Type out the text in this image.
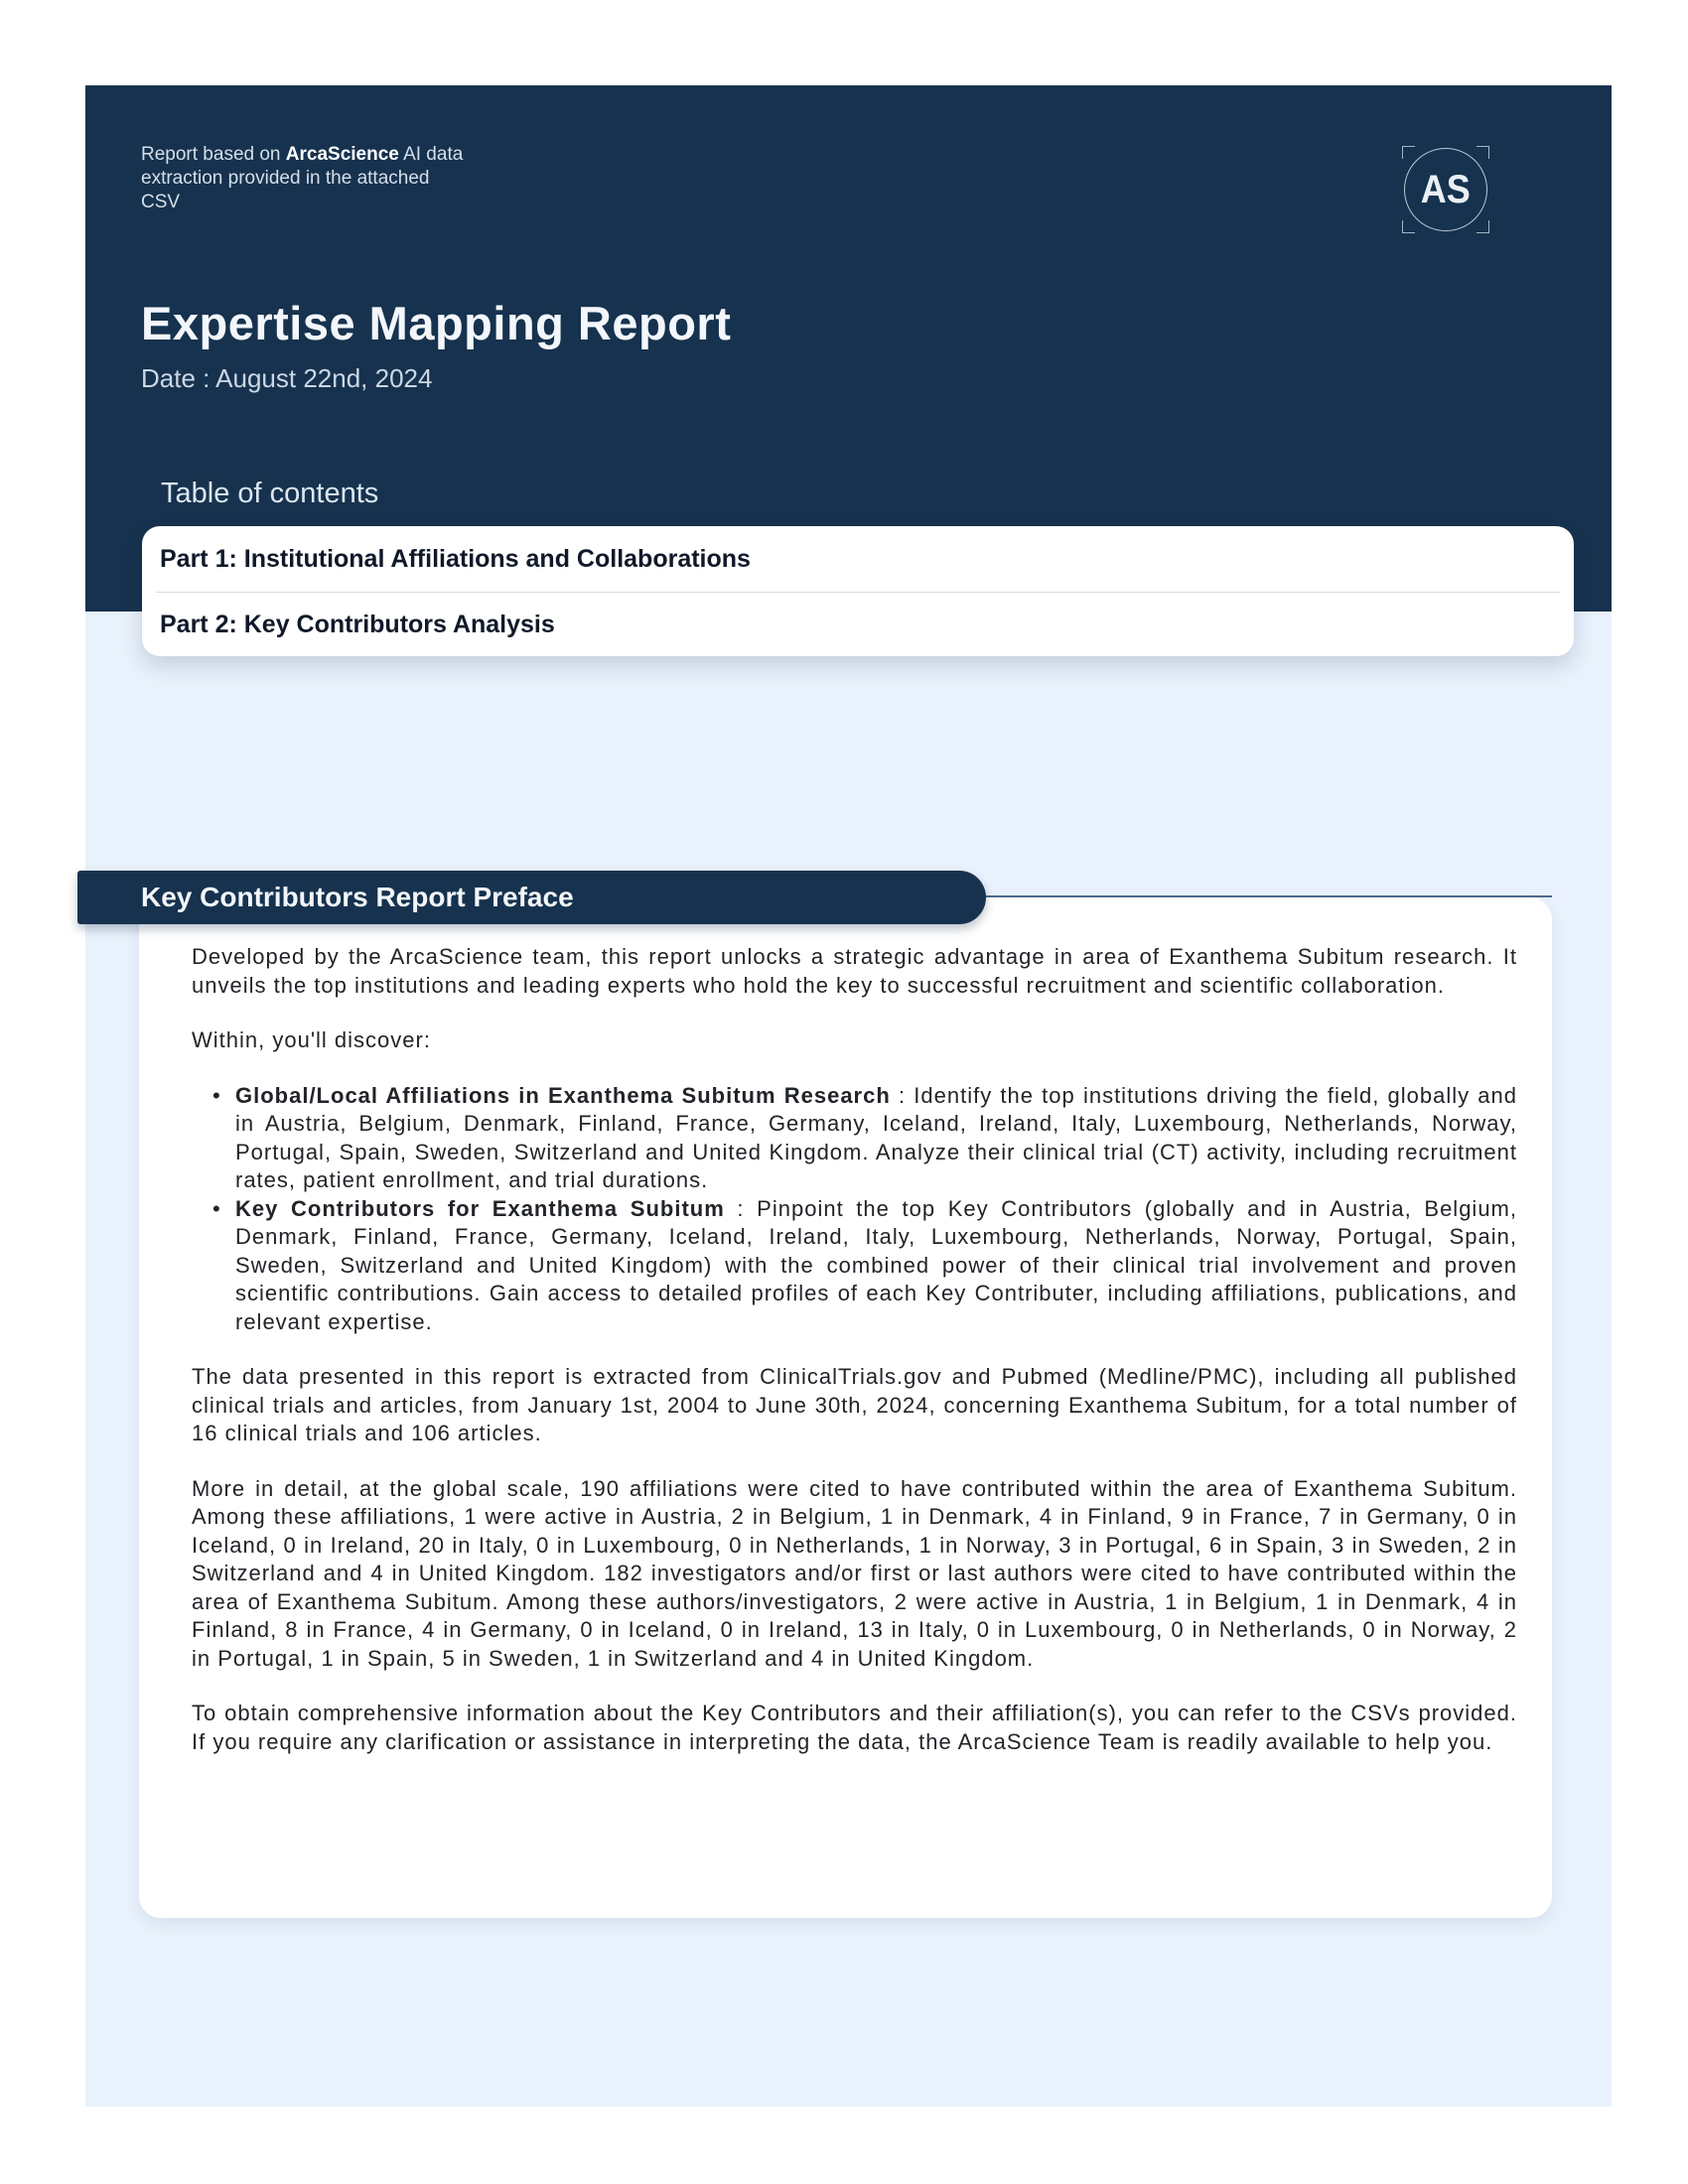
Report based on ArcaScience AI data
extraction provided in the attached
CSV	AS
Expertise Mapping Report
Date : August 22nd, 2024
Table of contents
Part 1: Institutional Affiliations and Collaborations
Part 2: Key Contributors Analysis
Key Contributors Report Preface

Developed by the ArcaScience team, this report unlocks a strategic advantage in area of Exanthema Subitum research. It unveils the top institutions and leading experts who hold the key to successful recruitment and scientific collaboration.

Within, you'll discover:

• Global/Local Affiliations in Exanthema Subitum Research : Identify the top institutions driving the field, globally and in Austria, Belgium, Denmark, Finland, France, Germany, Iceland, Ireland, Italy, Luxembourg, Netherlands, Norway, Portugal, Spain, Sweden, Switzerland and United Kingdom. Analyze their clinical trial (CT) activity, including recruitment rates, patient enrollment, and trial durations.
• Key Contributors for Exanthema Subitum : Pinpoint the top Key Contributors (globally and in Austria, Belgium, Denmark, Finland, France, Germany, Iceland, Ireland, Italy, Luxembourg, Netherlands, Norway, Portugal, Spain, Sweden, Switzerland and United Kingdom) with the combined power of their clinical trial involvement and proven scientific contributions. Gain access to detailed profiles of each Key Contributer, including affiliations, publications, and relevant expertise.

The data presented in this report is extracted from ClinicalTrials.gov and Pubmed (Medline/PMC), including all published clinical trials and articles, from January 1st, 2004 to June 30th, 2024, concerning Exanthema Subitum, for a total number of 16 clinical trials and 106 articles.

More in detail, at the global scale, 190 affiliations were cited to have contributed within the area of Exanthema Subitum. Among these affiliations, 1 were active in Austria, 2 in Belgium, 1 in Denmark, 4 in Finland, 9 in France, 7 in Germany, 0 in Iceland, 0 in Ireland, 20 in Italy, 0 in Luxembourg, 0 in Netherlands, 1 in Norway, 3 in Portugal, 6 in Spain, 3 in Sweden, 2 in Switzerland and 4 in United Kingdom. 182 investigators and/or first or last authors were cited to have contributed within the area of Exanthema Subitum. Among these authors/investigators, 2 were active in Austria, 1 in Belgium, 1 in Denmark, 4 in Finland, 8 in France, 4 in Germany, 0 in Iceland, 0 in Ireland, 13 in Italy, 0 in Luxembourg, 0 in Netherlands, 0 in Norway, 2 in Portugal, 1 in Spain, 5 in Sweden, 1 in Switzerland and 4 in United Kingdom.

To obtain comprehensive information about the Key Contributors and their affiliation(s), you can refer to the CSVs provided. If you require any clarification or assistance in interpreting the data, the ArcaScience Team is readily available to help you.
